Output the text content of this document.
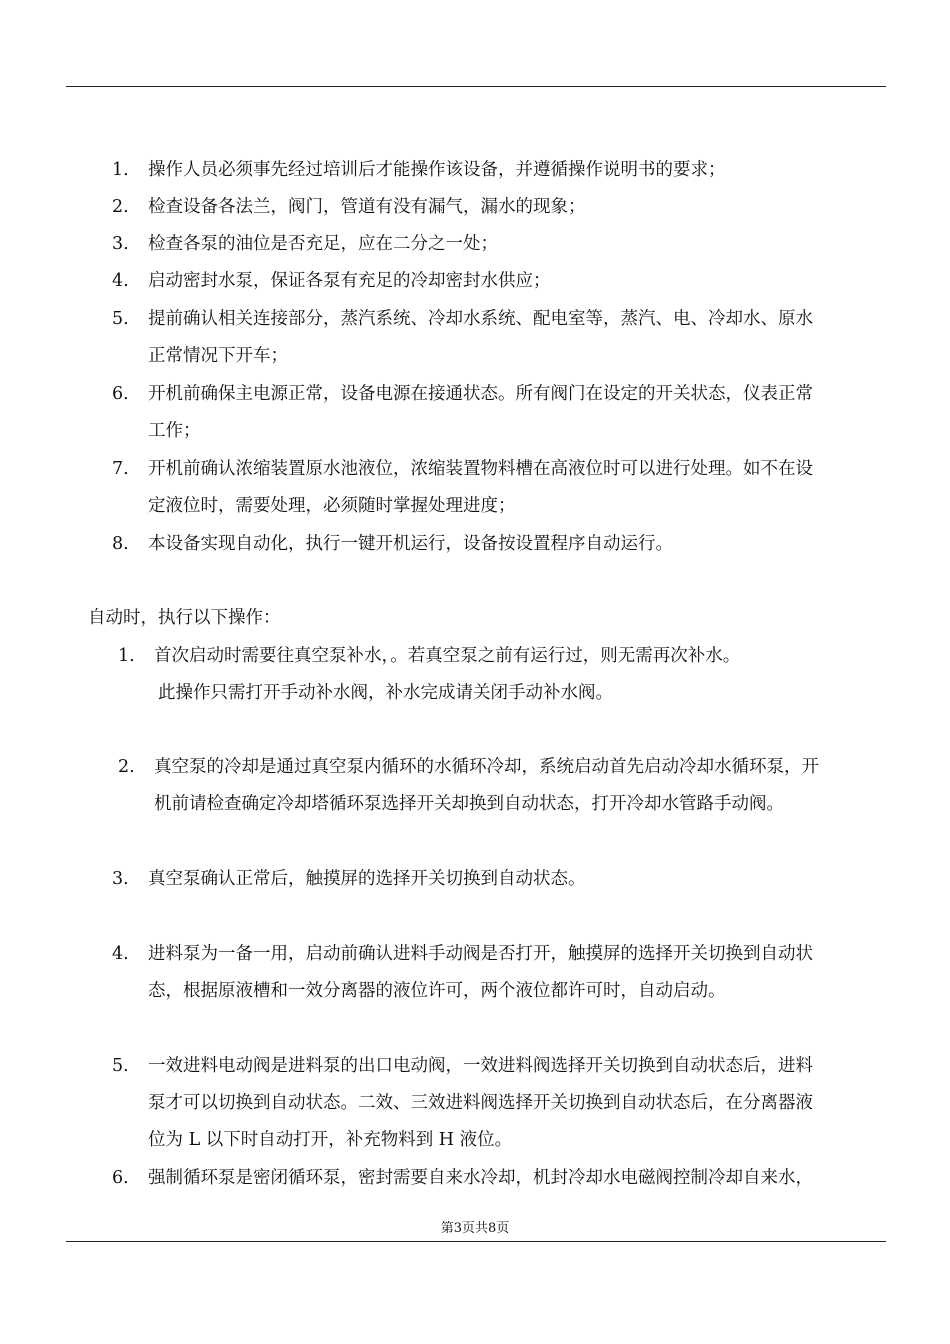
1. 操作人员必须事先经过培训后才能操作该设备，并遵循操作说明书的要求；
2. 检查设备各法兰，阀门，管道有没有漏气，漏水的现象；
3. 检查各泵的油位是否充足，应在二分之一处；
4. 启动密封水泵，保证各泵有充足的冷却密封水供应；
5. 提前确认相关连接部分，蒸汽系统、冷却水系统、配电室等，蒸汽、电、冷却水、原水
正常情况下开车；
6. 开机前确保主电源正常，设备电源在接通状态。所有阀门在设定的开关状态，仪表正常
工作；
7. 开机前确认浓缩装置原水池液位，浓缩装置物料槽在高液位时可以进行处理。如不在设
定液位时，需要处理，必须随时掌握处理进度；
8. 本设备实现自动化，执行一键开机运行，设备按设置程序自动运行。
自动时，执行以下操作：
1. 首次启动时需要往真空泵补水，。若真空泵之前有运行过，则无需再次补水。
此操作只需打开手动补水阀，补水完成请关闭手动补水阀。
2. 真空泵的冷却是通过真空泵内循环的水循环冷却，系统启动首先启动冷却水循环泵，开
机前请检查确定冷却塔循环泵选择开关却换到自动状态，打开冷却水管路手动阀。
3. 真空泵确认正常后，触摸屏的选择开关切换到自动状态。
4. 进料泵为一备一用，启动前确认进料手动阀是否打开，触摸屏的选择开关切换到自动状
态，根据原液槽和一效分离器的液位许可，两个液位都许可时，自动启动。
5. 一效进料电动阀是进料泵的出口电动阀，一效进料阀选择开关切换到自动状态后，进料
泵才可以切换到自动状态。二效、三效进料阀选择开关切换到自动状态后，在分离器液
位为 L 以下时自动打开，补充物料到 H 液位。
6. 强制循环泵是密闭循环泵，密封需要自来水冷却，机封冷却水电磁阀控制冷却自来水，
第3页共8页
